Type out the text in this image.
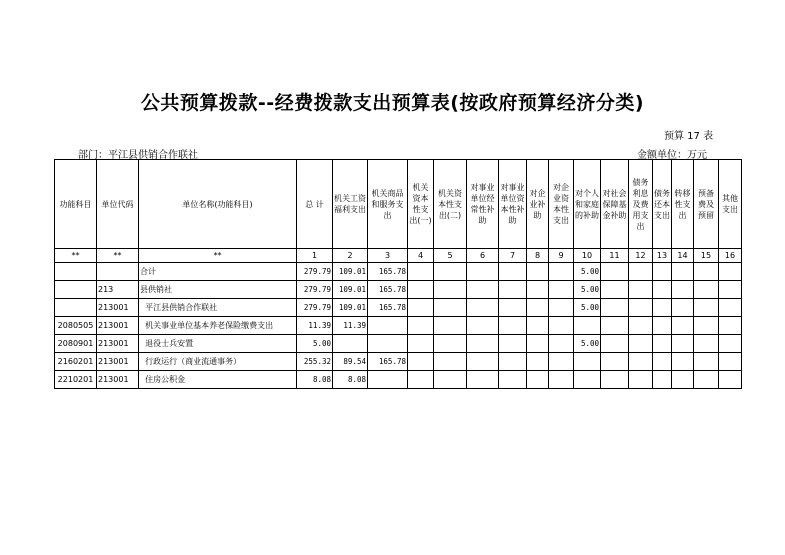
公共预算拨款--经费拨款支出预算表(按政府预算经济分类)
预算 17 表
部门：平江县供销合作联社	金额单位：万元
功能科目	单位代码	单位名称(功能科目)	总 计	机关工资福利支出	机关商品和服务支出	机关资本性支出(一)	机关资本性支出(二)	对事业单位经常性补助	对事业单位资本性补助	对企业补助	对企业资本性支出	对个人和家庭的补助	对社会保障基金补助	债务利息及费用支出	债务还本支出	转移性支出	预备费及预留	其他支出
**	**	**	1	2	3	4	5	6	7	8	9	10	11	12	13	14	15	16
		合计	279.79	109.01	165.78							5.00						
	213	县供销社	279.79	109.01	165.78							5.00						
	213001	平江县供销合作联社	279.79	109.01	165.78							5.00						
2080505	213001	机关事业单位基本养老保险缴费支出	11.39	11.39														
2080901	213001	退役士兵安置	5.00									5.00						
2160201	213001	行政运行（商业流通事务）	255.32	89.54	165.78													
2210201	213001	住房公积金	8.08	8.08														
